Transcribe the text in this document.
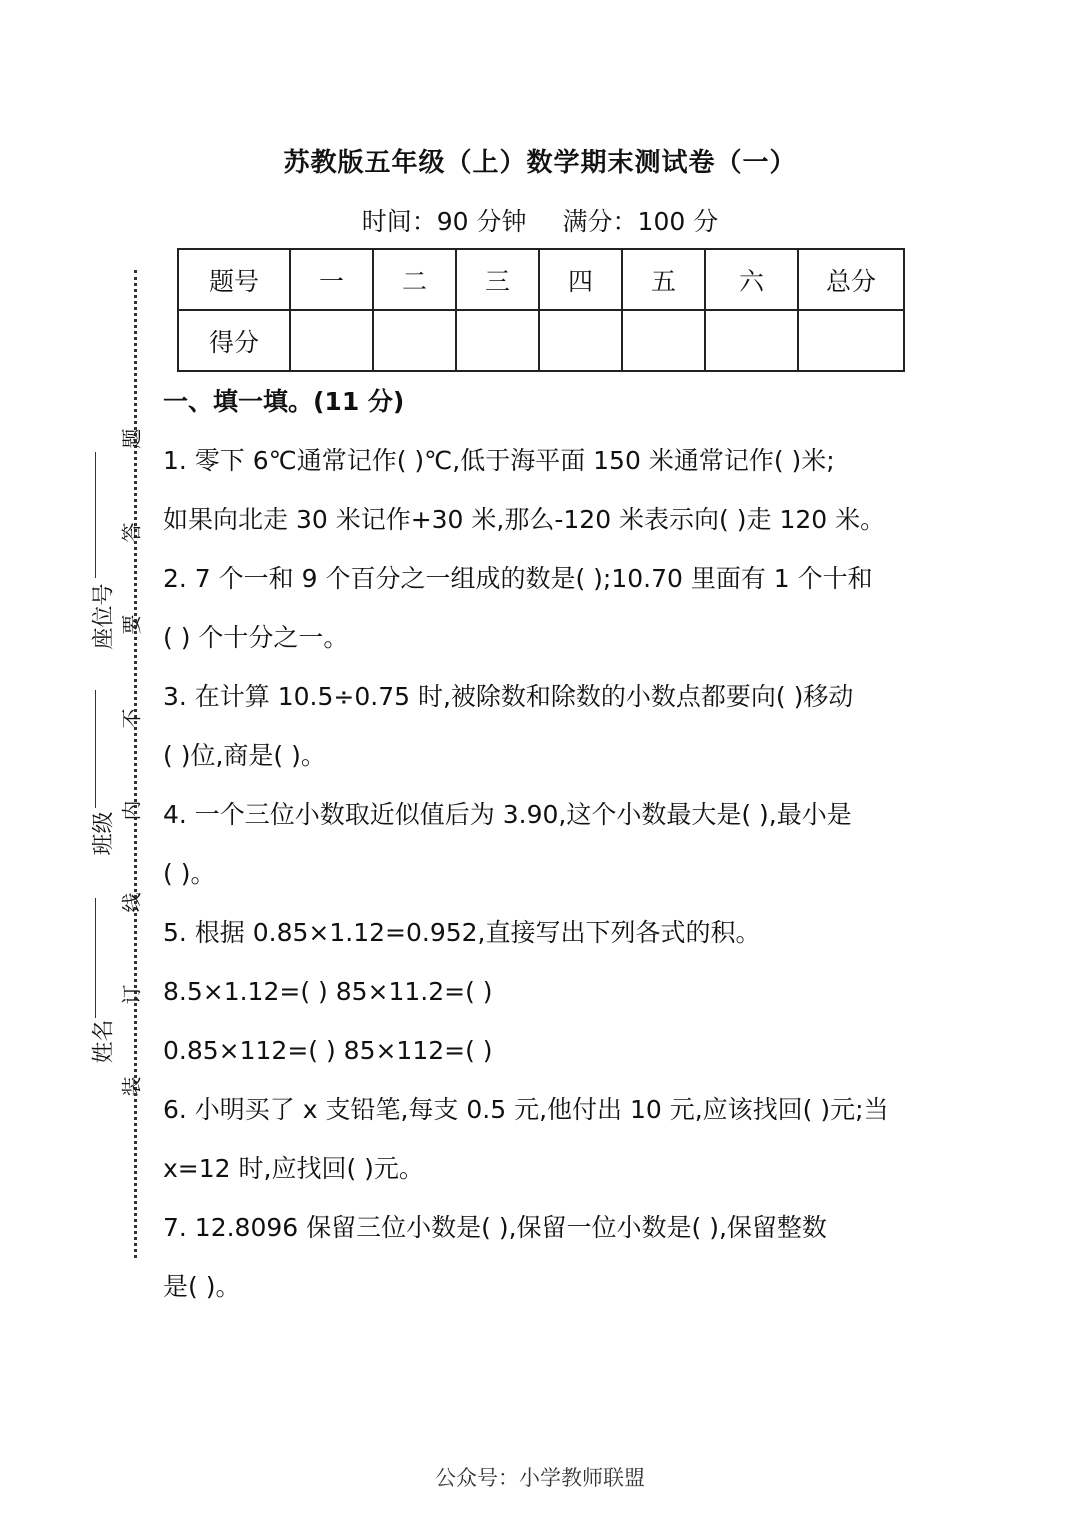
苏教版五年级（上）数学期末测试卷（一）
时间：90 分钟 满分：100 分
题号	一	二	三	四	五	六	总分
得分							
题
答
要
不
内
线
订
装
座位号
班级
姓名
一、填一填。(11 分)
1. 零下 6℃通常记作( )℃,低于海平面 150 米通常记作( )米;
如果向北走 30 米记作+30 米,那么-120 米表示向( )走 120 米。
2. 7 个一和 9 个百分之一组成的数是( );10.70 里面有 1 个十和
( ) 个十分之一。
3. 在计算 10.5÷0.75 时,被除数和除数的小数点都要向( )移动
( )位,商是( )。
4. 一个三位小数取近似值后为 3.90,这个小数最大是( ),最小是
( )。
5. 根据 0.85×1.12=0.952,直接写出下列各式的积。
8.5×1.12=( ) 85×11.2=( )
0.85×112=( ) 85×112=( )
6. 小明买了 x 支铅笔,每支 0.5 元,他付出 10 元,应该找回( )元;当
x=12 时,应找回( )元。
7. 12.8096 保留三位小数是( ),保留一位小数是( ),保留整数
是( )。
公众号：小学教师联盟
